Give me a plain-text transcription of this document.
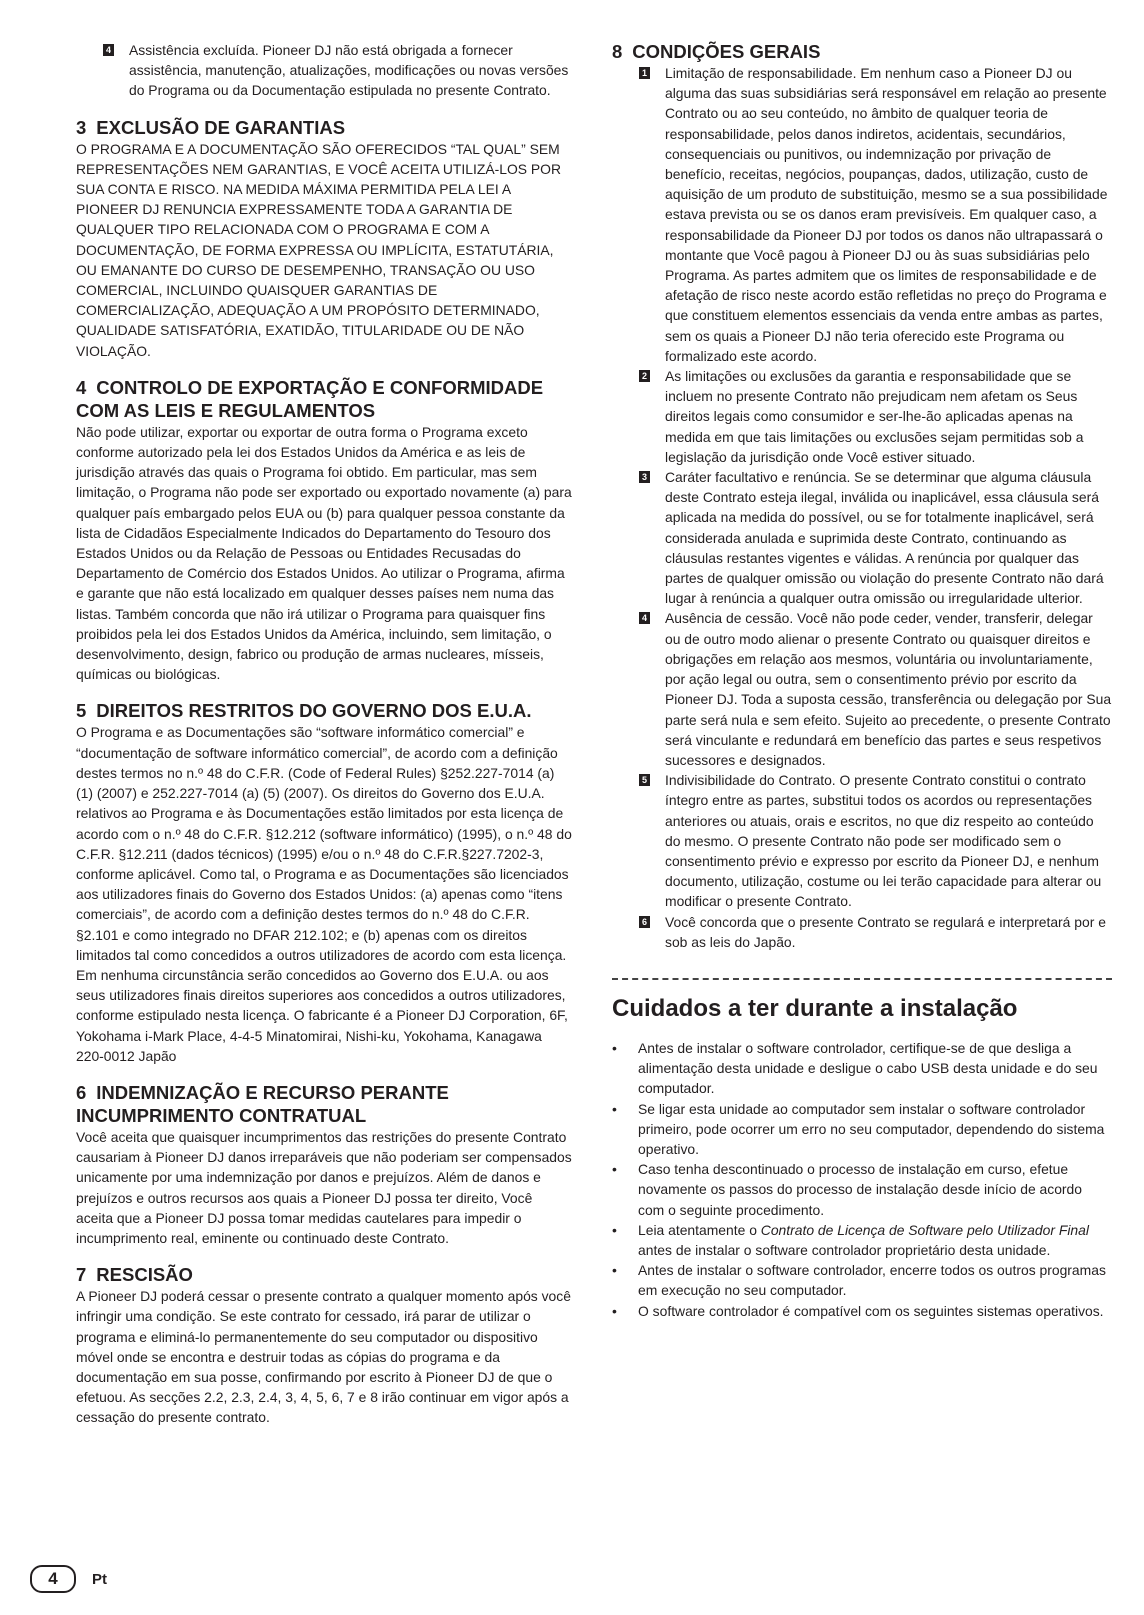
4 Assistência excluída. Pioneer DJ não está obrigada a fornecer assistência, manutenção, atualizações, modificações ou novas versões do Programa ou da Documentação estipulada no presente Contrato.

3 EXCLUSÃO DE GARANTIAS

O PROGRAMA E A DOCUMENTAÇÃO SÃO OFERECIDOS “TAL QUAL” SEM REPRESENTAÇÕES NEM GARANTIAS, E VOCÊ ACEITA UTILIZÁ-LOS POR SUA CONTA E RISCO. NA MEDIDA MÁXIMA PERMITIDA PELA LEI A PIONEER DJ RENUNCIA EXPRESSAMENTE TODA A GARANTIA DE QUALQUER TIPO RELACIONADA COM O PROGRAMA E COM A DOCUMENTAÇÃO, DE FORMA EXPRESSA OU IMPLÍCITA, ESTATUTÁRIA, OU EMANANTE DO CURSO DE DESEMPENHO, TRANSAÇÃO OU USO COMERCIAL, INCLUINDO QUAISQUER GARANTIAS DE COMERCIALIZAÇÃO, ADEQUAÇÃO A UM PROPÓSITO DETERMINADO, QUALIDADE SATISFATÓRIA, EXATIDÃO, TITULARIDADE OU DE NÃO VIOLAÇÃO.

4 CONTROLO DE EXPORTAÇÃO E CONFORMIDADE COM AS LEIS E REGULAMENTOS

Não pode utilizar, exportar ou exportar de outra forma o Programa exceto conforme autorizado pela lei dos Estados Unidos da América e as leis de jurisdição através das quais o Programa foi obtido. Em particular, mas sem limitação, o Programa não pode ser exportado ou exportado novamente (a) para qualquer país embargado pelos EUA ou (b) para qualquer pessoa constante da lista de Cidadãos Especialmente Indicados do Departamento do Tesouro dos Estados Unidos ou da Relação de Pessoas ou Entidades Recusadas do Departamento de Comércio dos Estados Unidos. Ao utilizar o Programa, afirma e garante que não está localizado em qualquer desses países nem numa das listas. Também concorda que não irá utilizar o Programa para quaisquer fins proibidos pela lei dos Estados Unidos da América, incluindo, sem limitação, o desenvolvimento, design, fabrico ou produção de armas nucleares, mísseis, químicas ou biológicas.

5 DIREITOS RESTRITOS DO GOVERNO DOS E.U.A.

O Programa e as Documentações são “software informático comercial” e “documentação de software informático comercial”, de acordo com a definição destes termos no n.º 48 do C.F.R. (Code of Federal Rules) §252.227-7014 (a) (1) (2007) e 252.227-7014 (a) (5) (2007). Os direitos do Governo dos E.U.A. relativos ao Programa e às Documentações estão limitados por esta licença de acordo com o n.º 48 do C.F.R. §12.212 (software informático) (1995), o n.º 48 do C.F.R. §12.211 (dados técnicos) (1995) e/ou o n.º 48 do C.F.R.§227.7202-3, conforme aplicável. Como tal, o Programa e as Documentações são licenciados aos utilizadores finais do Governo dos Estados Unidos: (a) apenas como “itens comerciais”, de acordo com a definição destes termos do n.º 48 do C.F.R. §2.101 e como integrado no DFAR 212.102; e (b) apenas com os direitos limitados tal como concedidos a outros utilizadores de acordo com esta licença. Em nenhuma circunstância serão concedidos ao Governo dos E.U.A. ou aos seus utilizadores finais direitos superiores aos concedidos a outros utilizadores, conforme estipulado nesta licença. O fabricante é a Pioneer DJ Corporation, 6F, Yokohama i-Mark Place, 4-4-5 Minatomirai, Nishi-ku, Yokohama, Kanagawa 220-0012 Japão

6 INDEMNIZAÇÃO E RECURSO PERANTE INCUMPRIMENTO CONTRATUAL

Você aceita que quaisquer incumprimentos das restrições do presente Contrato causariam à Pioneer DJ danos irreparáveis que não poderiam ser compensados unicamente por uma indemnização por danos e prejuízos. Além de danos e prejuízos e outros recursos aos quais a Pioneer DJ possa ter direito, Você aceita que a Pioneer DJ possa tomar medidas cautelares para impedir o incumprimento real, eminente ou continuado deste Contrato.

7 RESCISÃO

A Pioneer DJ poderá cessar o presente contrato a qualquer momento após você infringir uma condição. Se este contrato for cessado, irá parar de utilizar o programa e eliminá-lo permanentemente do seu computador ou dispositivo móvel onde se encontra e destruir todas as cópias do programa e da documentação em sua posse, confirmando por escrito à Pioneer DJ de que o efetuou. As secções 2.2, 2.3, 2.4, 3, 4, 5, 6, 7 e 8 irão continuar em vigor após a cessação do presente contrato.

8 CONDIÇÕES GERAIS
1 Limitação de responsabilidade. Em nenhum caso a Pioneer DJ ou alguma das suas subsidiárias será responsável em relação ao presente Contrato ou ao seu conteúdo, no âmbito de qualquer teoria de responsabilidade, pelos danos indiretos, acidentais, secundários, consequenciais ou punitivos, ou indemnização por privação de benefício, receitas, negócios, poupanças, dados, utilização, custo de aquisição de um produto de substituição, mesmo se a sua possibilidade estava prevista ou se os danos eram previsíveis. Em qualquer caso, a responsabilidade da Pioneer DJ por todos os danos não ultrapassará o montante que Você pagou à Pioneer DJ ou às suas subsidiárias pelo Programa. As partes admitem que os limites de responsabilidade e de afetação de risco neste acordo estão refletidas no preço do Programa e que constituem elementos essenciais da venda entre ambas as partes, sem os quais a Pioneer DJ não teria oferecido este Programa ou formalizado este acordo.

2 As limitações ou exclusões da garantia e responsabilidade que se incluem no presente Contrato não prejudicam nem afetam os Seus direitos legais como consumidor e ser-lhe-ão aplicadas apenas na medida em que tais limitações ou exclusões sejam permitidas sob a legislação da jurisdição onde Você estiver situado.

3 Caráter facultativo e renúncia. Se se determinar que alguma cláusula deste Contrato esteja ilegal, inválida ou inaplicável, essa cláusula será aplicada na medida do possível, ou se for totalmente inaplicável, será considerada anulada e suprimida deste Contrato, continuando as cláusulas restantes vigentes e válidas. A renúncia por qualquer das partes de qualquer omissão ou violação do presente Contrato não dará lugar à renúncia a qualquer outra omissão ou irregularidade ulterior.

4 Ausência de cessão. Você não pode ceder, vender, transferir, delegar ou de outro modo alienar o presente Contrato ou quaisquer direitos e obrigações em relação aos mesmos, voluntária ou involuntariamente, por ação legal ou outra, sem o consentimento prévio por escrito da Pioneer DJ. Toda a suposta cessão, transferência ou delegação por Sua parte será nula e sem efeito. Sujeito ao precedente, o presente Contrato será vinculante e redundará em benefício das partes e seus respetivos sucessores e designados.

5 Indivisibilidade do Contrato. O presente Contrato constitui o contrato íntegro entre as partes, substitui todos os acordos ou representações anteriores ou atuais, orais e escritos, no que diz respeito ao conteúdo do mesmo. O presente Contrato não pode ser modificado sem o consentimento prévio e expresso por escrito da Pioneer DJ, e nenhum documento, utilização, costume ou lei terão capacidade para alterar ou modificar o presente Contrato.

6 Você concorda que o presente Contrato se regulará e interpretará por e sob as leis do Japão.

Cuidados a ter durante a instalação
•	Antes de instalar o software controlador, certifique-se de que desliga a alimentação desta unidade e desligue o cabo USB desta unidade e do seu computador.
•	Se ligar esta unidade ao computador sem instalar o software controlador primeiro, pode ocorrer um erro no seu computador, dependendo do sistema operativo.
•	Caso tenha descontinuado o processo de instalação em curso, efetue novamente os passos do processo de instalação desde início de acordo com o seguinte procedimento.
•	Leia atentamente o Contrato de Licença de Software pelo Utilizador Final antes de instalar o software controlador proprietário desta unidade.
•	Antes de instalar o software controlador, encerre todos os outros programas em execução no seu computador.
•	O software controlador é compatível com os seguintes sistemas operativos.
4	Pt
